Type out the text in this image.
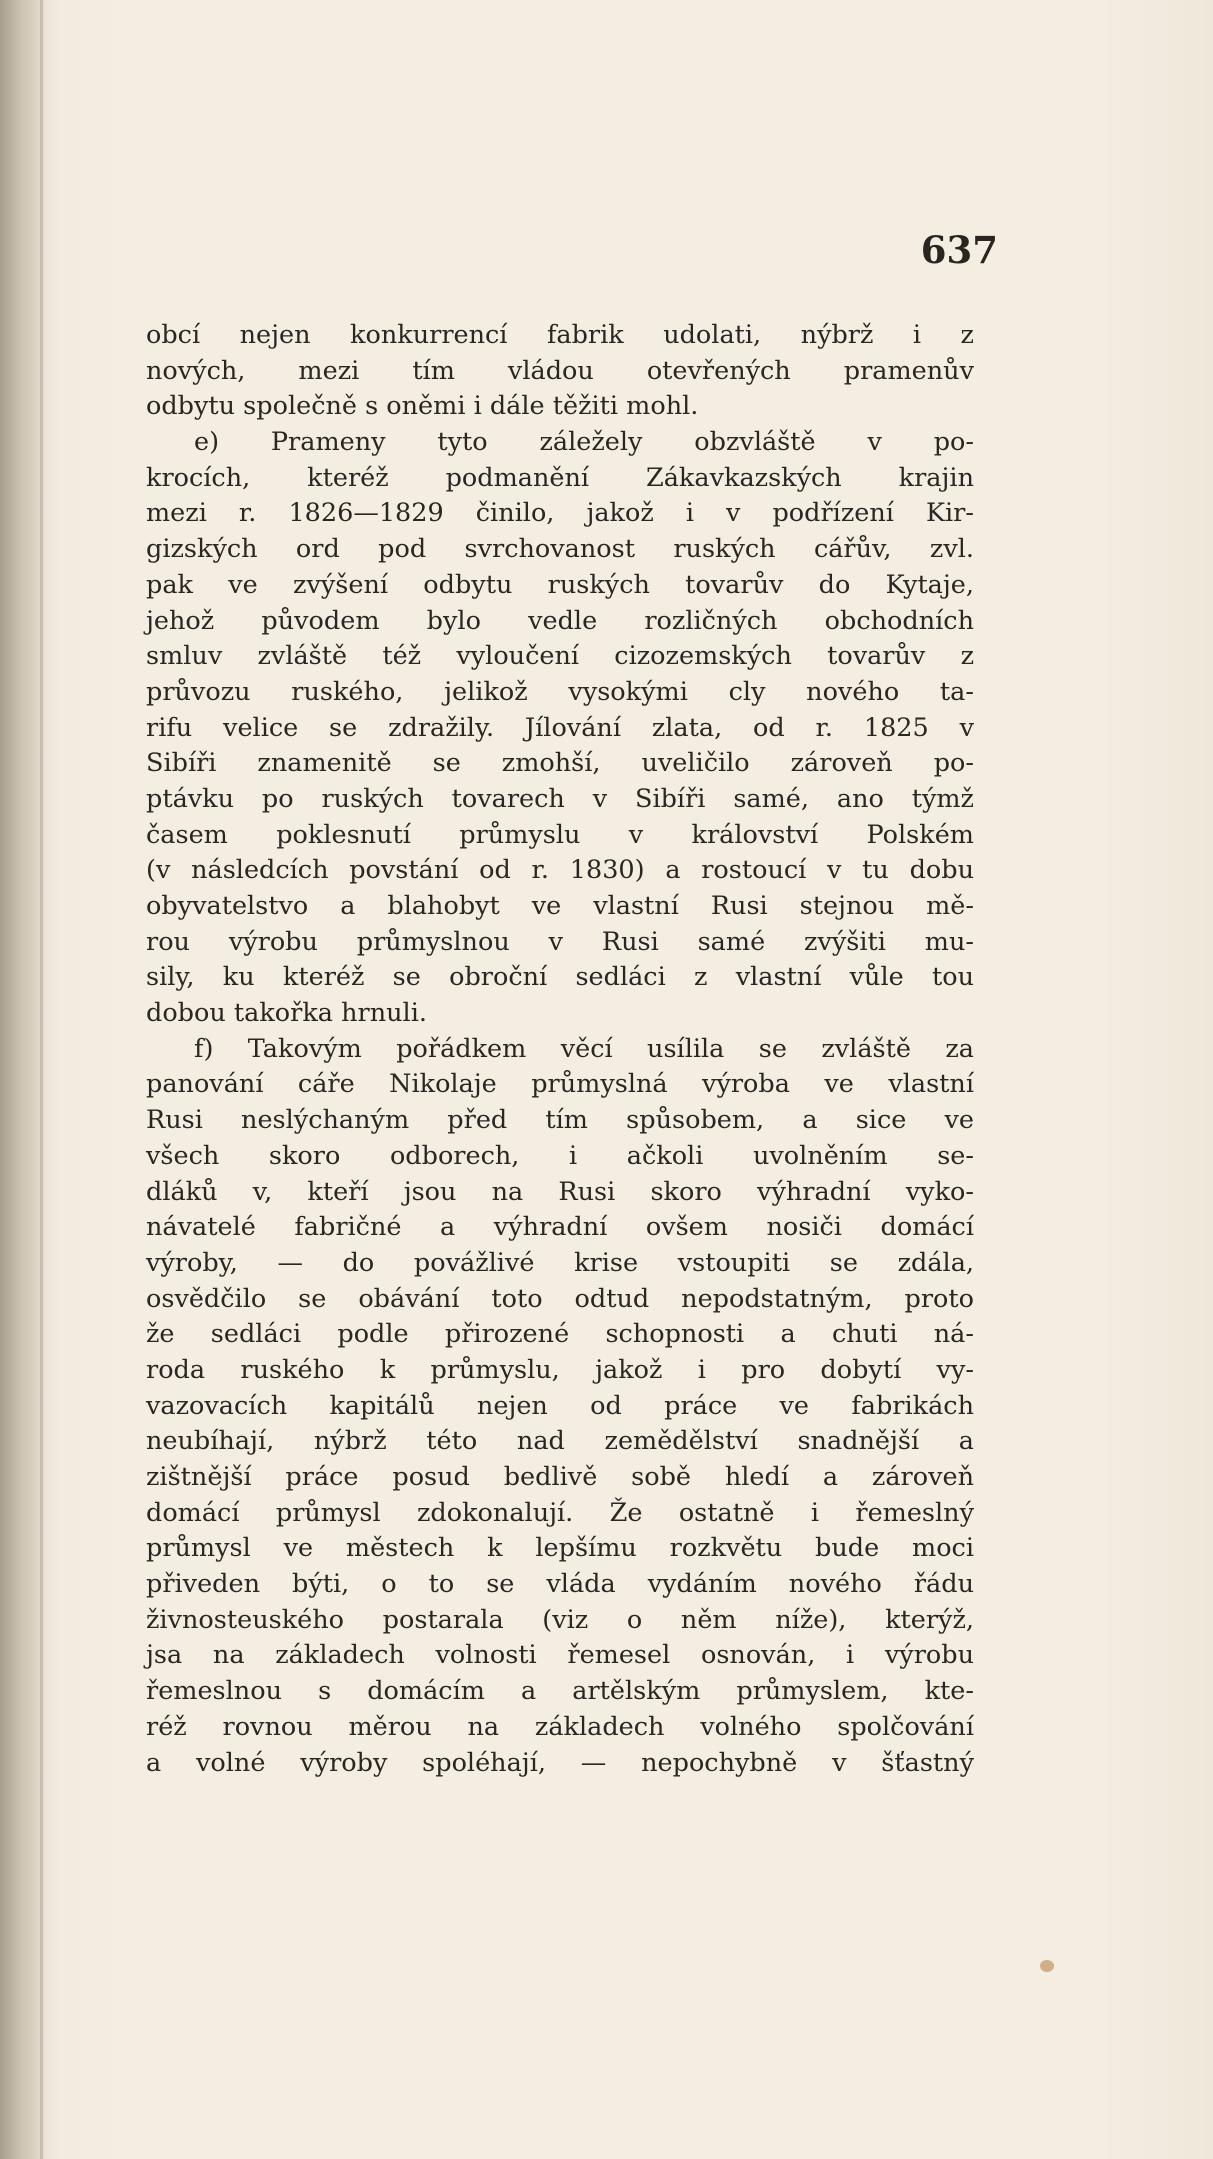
637
obcí nejen konkurrencí fabrik udolati, nýbrž i z
nových, mezi tím vládou otevřených pramenův
odbytu společně s oněmi i dále těžiti mohl.
e) Prameny tyto záležely obzvláště v po-
krocích, kteréž podmanění Zákavkazských krajin
mezi r. 1826—1829 činilo, jakož i v podřízení Kir-
gizských ord pod svrchovanost ruských cářův, zvl.
pak ve zvýšení odbytu ruských tovarův do Kytaje,
jehož původem bylo vedle rozličných obchodních
smluv zvláště též vyloučení cizozemských tovarův z
průvozu ruského, jelikož vysokými cly nového ta-
rifu velice se zdražily. Jílování zlata, od r. 1825 v
Sibíři znamenitě se zmohší, uveličilo zároveň po-
ptávku po ruských tovarech v Sibíři samé, ano týmž
časem poklesnutí průmyslu v království Polském
(v následcích povstání od r. 1830) a rostoucí v tu dobu
obyvatelstvo a blahobyt ve vlastní Rusi stejnou mě-
rou výrobu průmyslnou v Rusi samé zvýšiti mu-
sily, ku kteréž se obroční sedláci z vlastní vůle tou
dobou takořka hrnuli.
f) Takovým pořádkem věcí usílila se zvláště za
panování cáře Nikolaje průmyslná výroba ve vlastní
Rusi neslýchaným před tím spůsobem, a sice ve
všech skoro odborech, i ačkoli uvolněním se-
dláků v, kteří jsou na Rusi skoro výhradní vyko-
návatelé fabričné a výhradní ovšem nosiči domácí
výroby, — do povážlivé krise vstoupiti se zdála,
osvědčilo se obávání toto odtud nepodstatným, proto
že sedláci podle přirozené schopnosti a chuti ná-
roda ruského k průmyslu, jakož i pro dobytí vy-
vazovacích kapitálů nejen od práce ve fabrikách
neubíhají, nýbrž této nad zemědělství snadnější a
zištnější práce posud bedlivě sobě hledí a zároveň
domácí průmysl zdokonalují. Že ostatně i řemeslný
průmysl ve městech k lepšímu rozkvětu bude moci
přiveden býti, o to se vláda vydáním nového řádu
živnosteuského postarala (viz o něm níže), kterýž,
jsa na základech volnosti řemesel osnován, i výrobu
řemeslnou s domácím a artělským průmyslem, kte-
réž rovnou měrou na základech volného spolčování
a volné výroby spoléhají, — nepochybně v šťastný
